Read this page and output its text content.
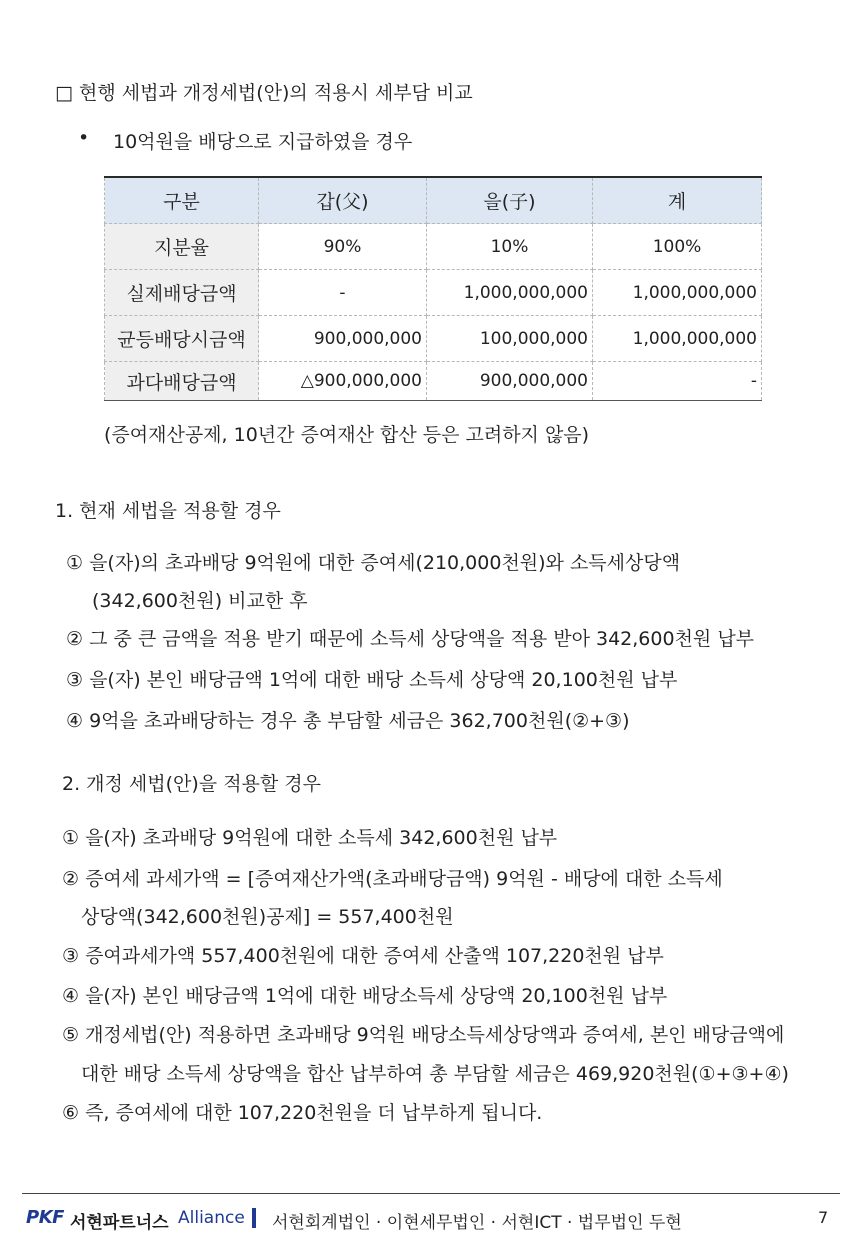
□ 현행 세법과 개정세법(안)의 적용시 세부담 비교
• 10억원을 배당으로 지급하였을 경우
구분	갑(父)	을(子)	계
지분율	90%	10%	100%
실제배당금액	-	1,000,000,000	1,000,000,000
균등배당시금액	900,000,000	100,000,000	1,000,000,000
과다배당금액	△900,000,000	900,000,000	-
(증여재산공제, 10년간 증여재산 합산 등은 고려하지 않음)
1. 현재 세법을 적용할 경우
① 을(자)의 초과배당 9억원에 대한 증여세(210,000천원)와 소득세상당액
(342,600천원) 비교한 후
② 그 중 큰 금액을 적용 받기 때문에 소득세 상당액을 적용 받아 342,600천원 납부
③ 을(자) 본인 배당금액 1억에 대한 배당 소득세 상당액 20,100천원 납부
④ 9억을 초과배당하는 경우 총 부담할 세금은 362,700천원(②+③)
2. 개정 세법(안)을 적용할 경우
① 을(자) 초과배당 9억원에 대한 소득세 342,600천원 납부
② 증여세 과세가액 = [증여재산가액(초과배당금액) 9억원 - 배당에 대한 소득세
상당액(342,600천원)공제] = 557,400천원
③ 증여과세가액 557,400천원에 대한 증여세 산출액 107,220천원 납부
④ 을(자) 본인 배당금액 1억에 대한 배당소득세 상당액 20,100천원 납부
⑤ 개정세법(안) 적용하면 초과배당 9억원 배당소득세상당액과 증여세, 본인 배당금액에
대한 배당 소득세 상당액을 합산 납부하여 총 부담할 세금은 469,920천원(①+③+④)
⑥ 즉, 증여세에 대한 107,220천원을 더 납부하게 됩니다.
PKF 서현파트너스 Alliance 서현회계법인 · 이현세무법인 · 서현ICT · 법무법인 두현	7
